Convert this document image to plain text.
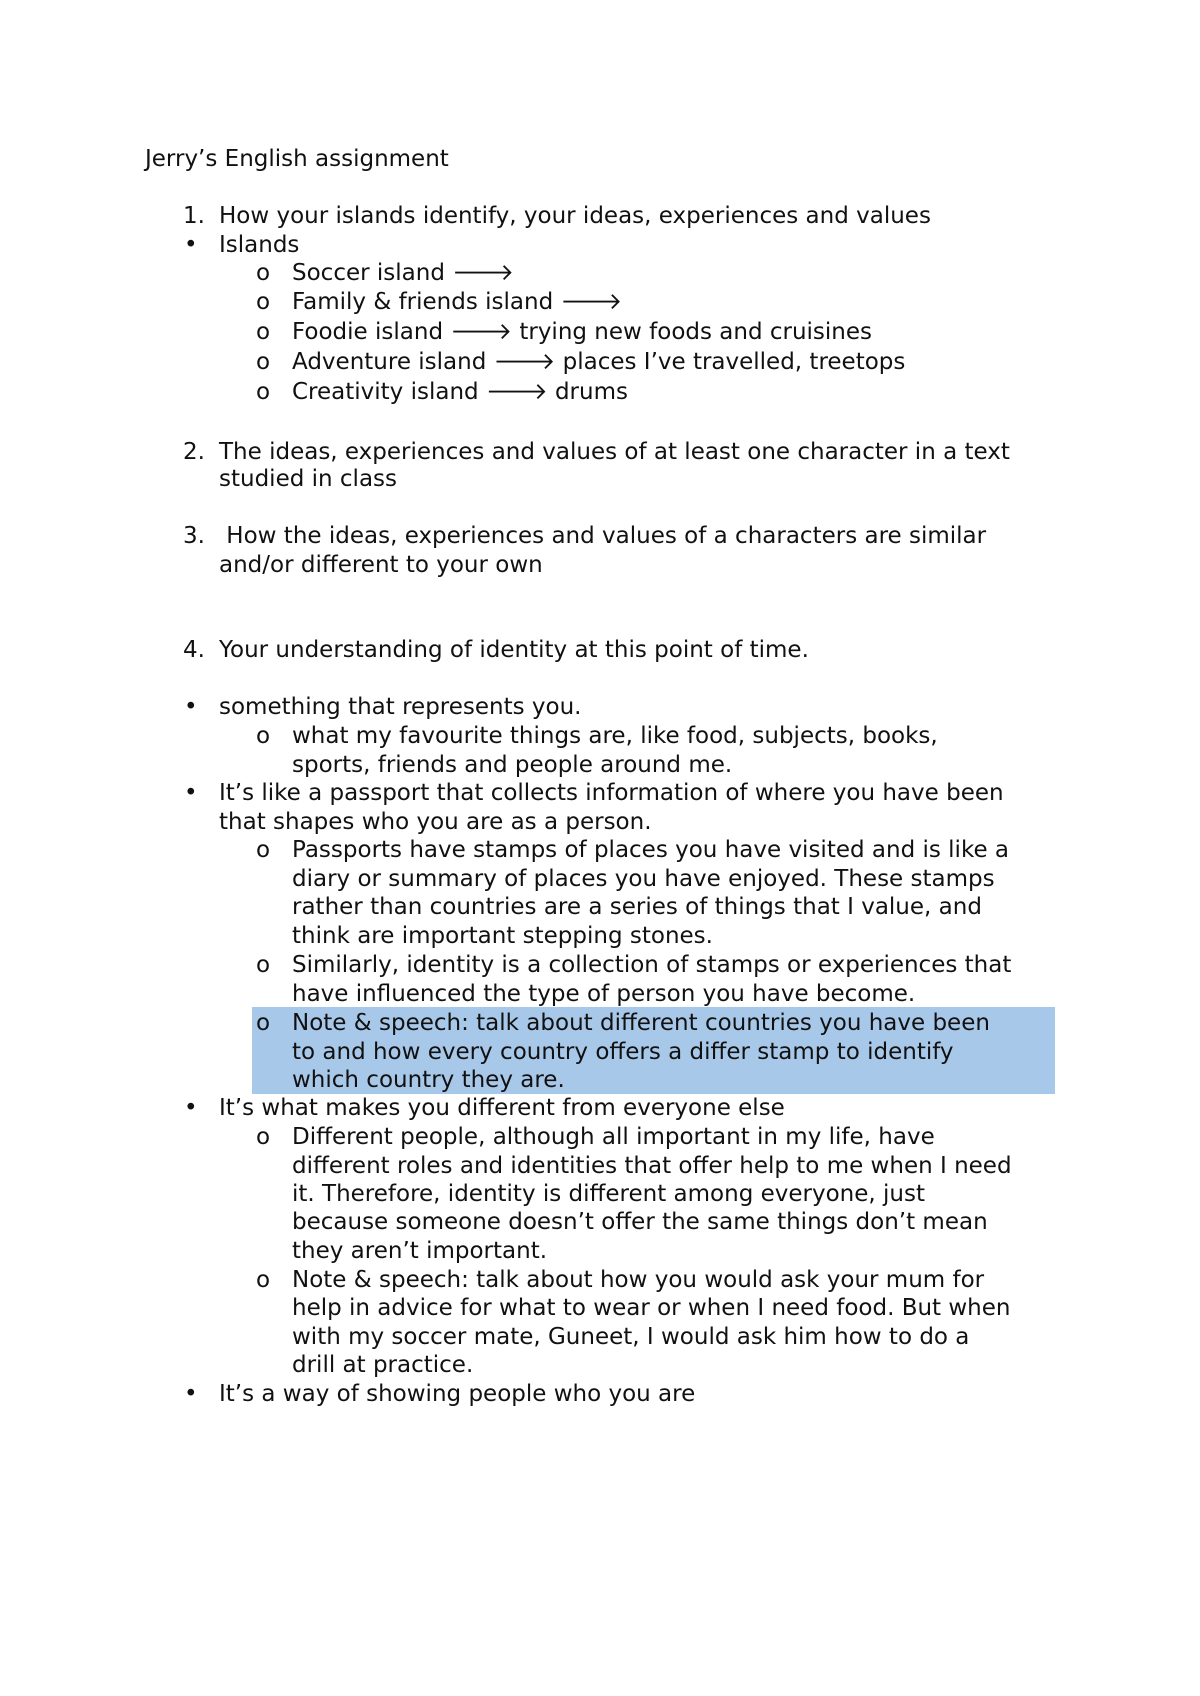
Jerry’s English assignment
1. How your islands identify, your ideas, experiences and values
• Islands
o Soccer island 🡒
o Family & friends island 🡒
o Foodie island 🡒 trying new foods and cruisines
o Adventure island 🡒 places I’ve travelled, treetops
o Creativity island 🡒 drums
2. The ideas, experiences and values of at least one character in a text
studied in class
3. How the ideas, experiences and values of a characters are similar
and/or different to your own
4. Your understanding of identity at this point of time.
• something that represents you.
o what my favourite things are, like food, subjects, books,
sports, friends and people around me.
• It’s like a passport that collects information of where you have been
that shapes who you are as a person.
o Passports have stamps of places you have visited and is like a
diary or summary of places you have enjoyed. These stamps
rather than countries are a series of things that I value, and
think are important stepping stones.
o Similarly, identity is a collection of stamps or experiences that
have influenced the type of person you have become.
o Note & speech: talk about different countries you have been
to and how every country offers a differ stamp to identify
which country they are.
• It’s what makes you different from everyone else
o Different people, although all important in my life, have
different roles and identities that offer help to me when I need
it. Therefore, identity is different among everyone, just
because someone doesn’t offer the same things don’t mean
they aren’t important.
o Note & speech: talk about how you would ask your mum for
help in advice for what to wear or when I need food. But when
with my soccer mate, Guneet, I would ask him how to do a
drill at practice.
• It’s a way of showing people who you are
